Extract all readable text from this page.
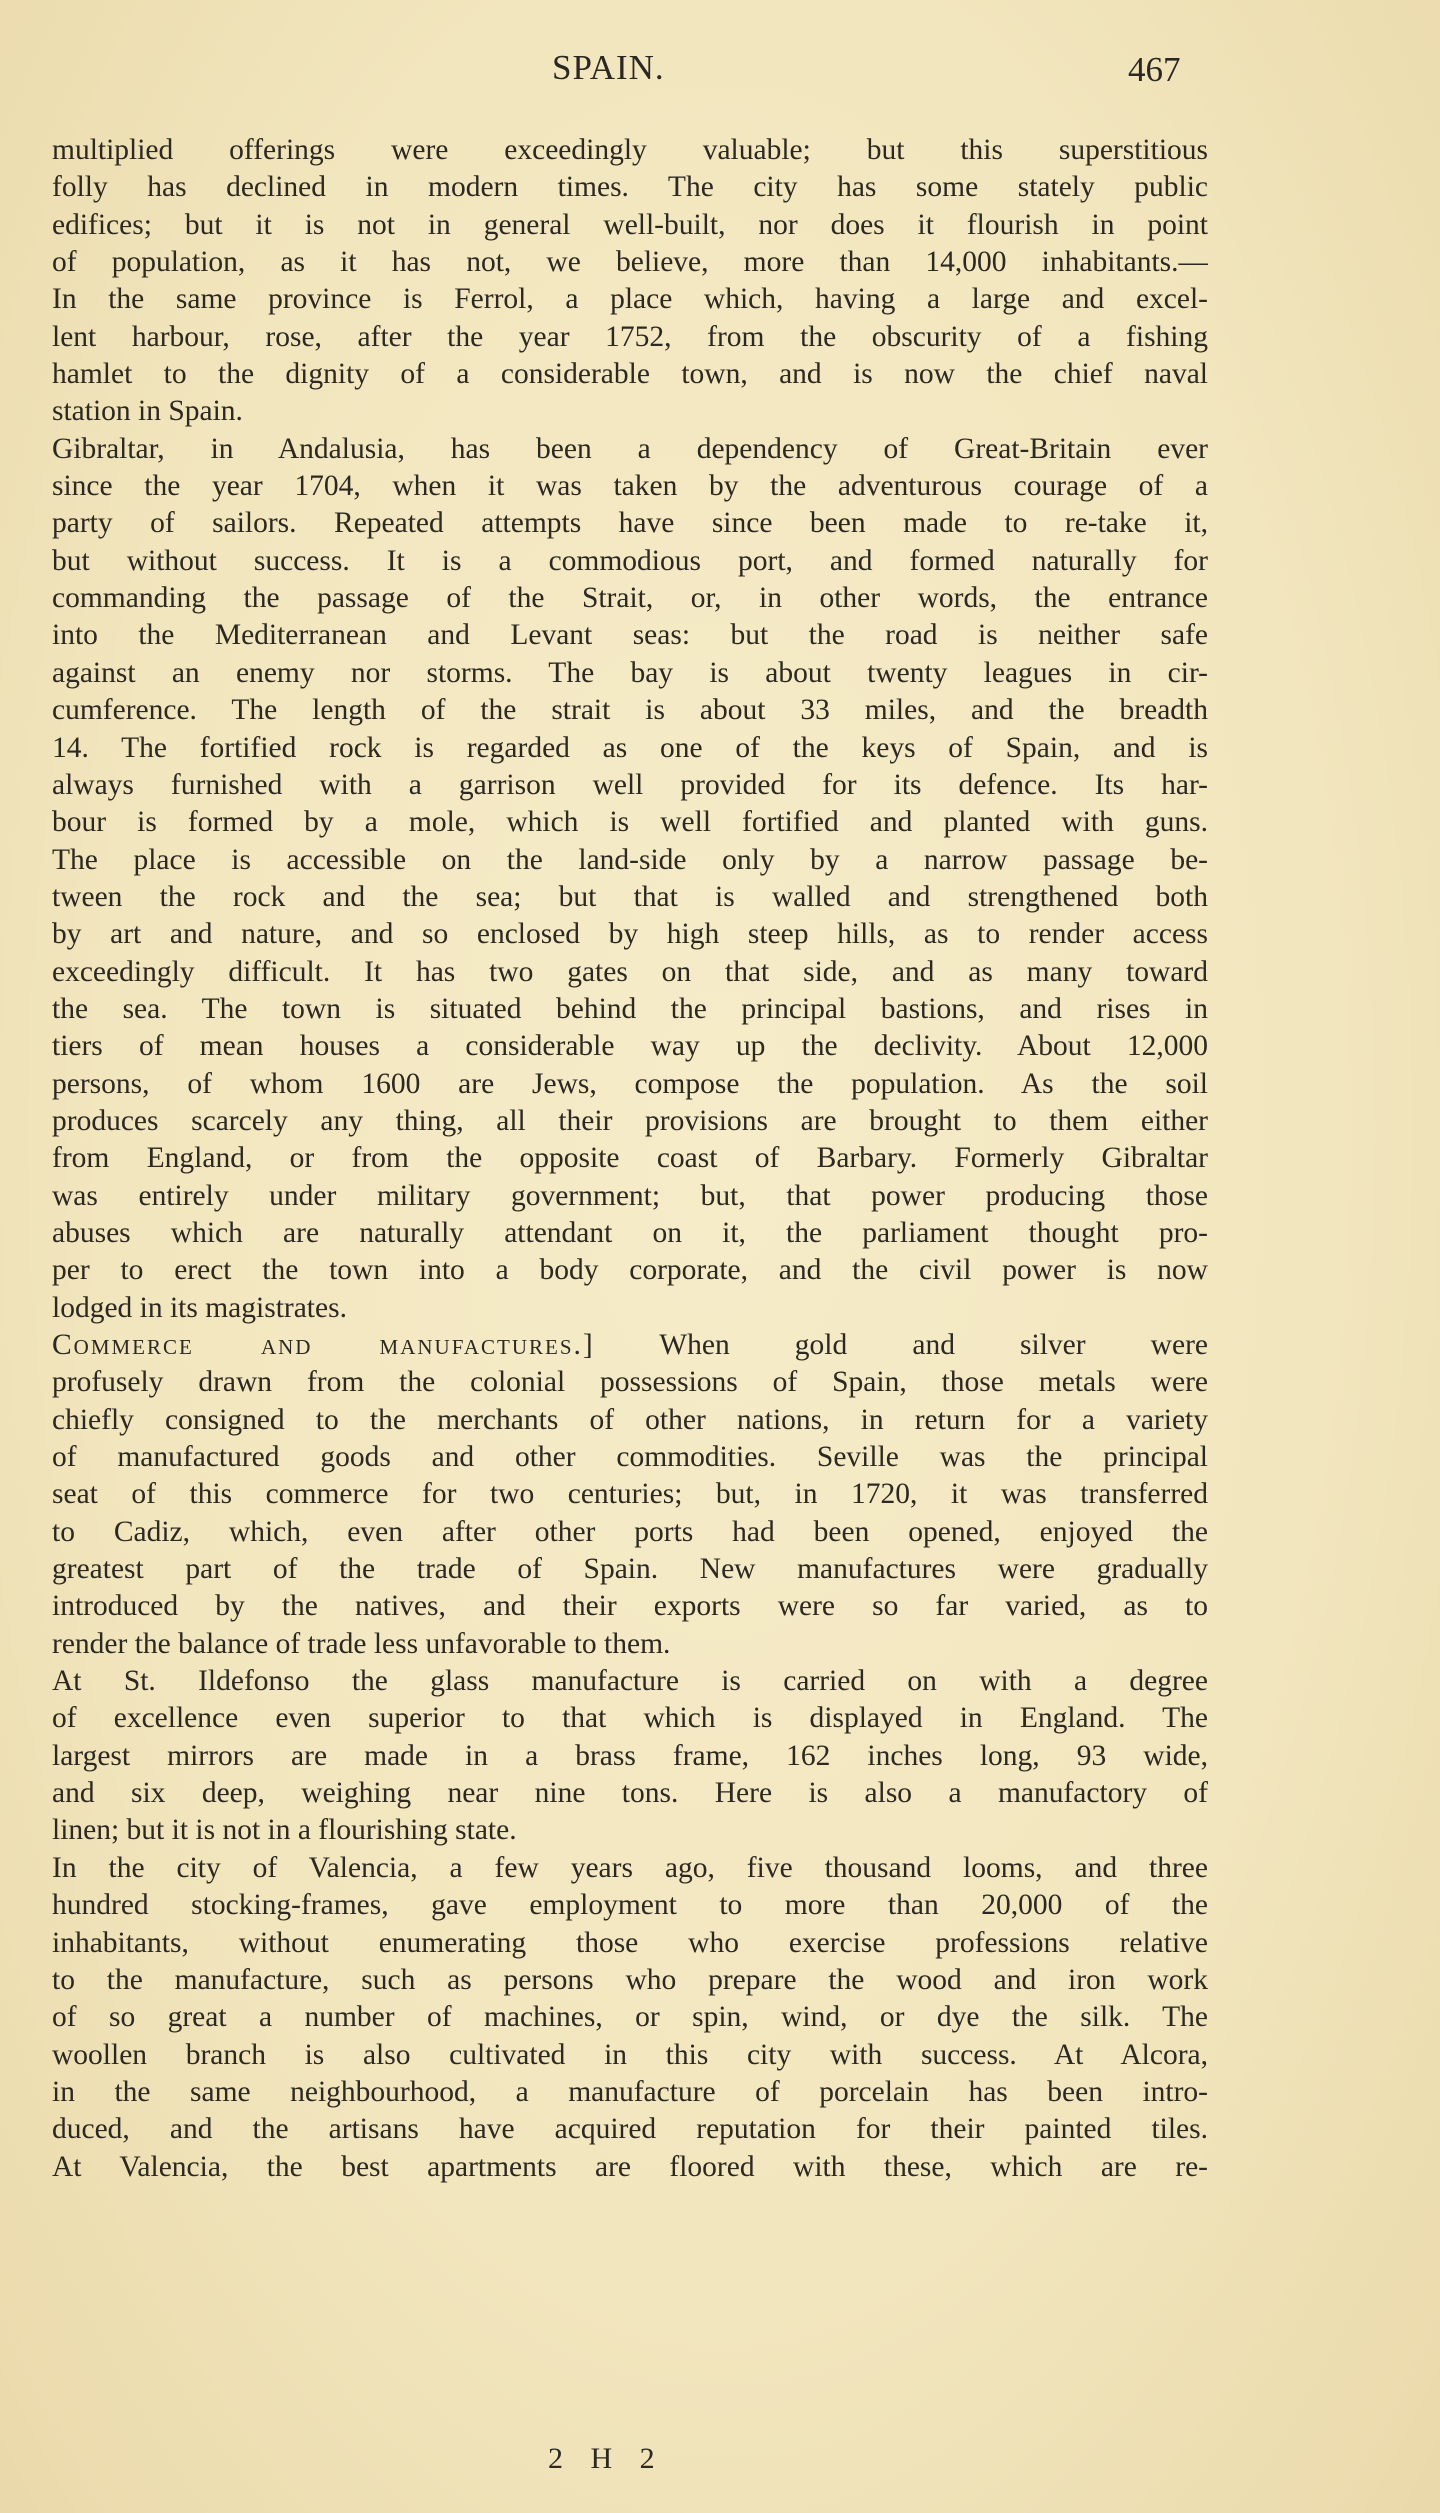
SPAIN.	467
multiplied offerings were exceedingly valuable; but this superstitious
folly has declined in modern times. The city has some stately public
edifices; but it is not in general well-built, nor does it flourish in point
of population, as it has not, we believe, more than 14,000 inhabitants.—
In the same province is Ferrol, a place which, having a large and excel-
lent harbour, rose, after the year 1752, from the obscurity of a fishing
hamlet to the dignity of a considerable town, and is now the chief naval
station in Spain.
Gibraltar, in Andalusia, has been a dependency of Great-Britain ever
since the year 1704, when it was taken by the adventurous courage of a
party of sailors. Repeated attempts have since been made to re-take it,
but without success. It is a commodious port, and formed naturally for
commanding the passage of the Strait, or, in other words, the entrance
into the Mediterranean and Levant seas: but the road is neither safe
against an enemy nor storms. The bay is about twenty leagues in cir-
cumference. The length of the strait is about 33 miles, and the breadth
14. The fortified rock is regarded as one of the keys of Spain, and is
always furnished with a garrison well provided for its defence. Its har-
bour is formed by a mole, which is well fortified and planted with guns.
The place is accessible on the land-side only by a narrow passage be-
tween the rock and the sea; but that is walled and strengthened both
by art and nature, and so enclosed by high steep hills, as to render access
exceedingly difficult. It has two gates on that side, and as many toward
the sea. The town is situated behind the principal bastions, and rises in
tiers of mean houses a considerable way up the declivity. About 12,000
persons, of whom 1600 are Jews, compose the population. As the soil
produces scarcely any thing, all their provisions are brought to them either
from England, or from the opposite coast of Barbary. Formerly Gibraltar
was entirely under military government; but, that power producing those
abuses which are naturally attendant on it, the parliament thought pro-
per to erect the town into a body corporate, and the civil power is now
lodged in its magistrates.
Commerce and manufactures.] When gold and silver were
profusely drawn from the colonial possessions of Spain, those metals were
chiefly consigned to the merchants of other nations, in return for a variety
of manufactured goods and other commodities. Seville was the principal
seat of this commerce for two centuries; but, in 1720, it was transferred
to Cadiz, which, even after other ports had been opened, enjoyed the
greatest part of the trade of Spain. New manufactures were gradually
introduced by the natives, and their exports were so far varied, as to
render the balance of trade less unfavorable to them.
At St. Ildefonso the glass manufacture is carried on with a degree
of excellence even superior to that which is displayed in England. The
largest mirrors are made in a brass frame, 162 inches long, 93 wide,
and six deep, weighing near nine tons. Here is also a manufactory of
linen; but it is not in a flourishing state.
In the city of Valencia, a few years ago, five thousand looms, and three
hundred stocking-frames, gave employment to more than 20,000 of the
inhabitants, without enumerating those who exercise professions relative
to the manufacture, such as persons who prepare the wood and iron work
of so great a number of machines, or spin, wind, or dye the silk. The
woollen branch is also cultivated in this city with success. At Alcora,
in the same neighbourhood, a manufacture of porcelain has been intro-
duced, and the artisans have acquired reputation for their painted tiles.
At Valencia, the best apartments are floored with these, which are re-
2 H 2
